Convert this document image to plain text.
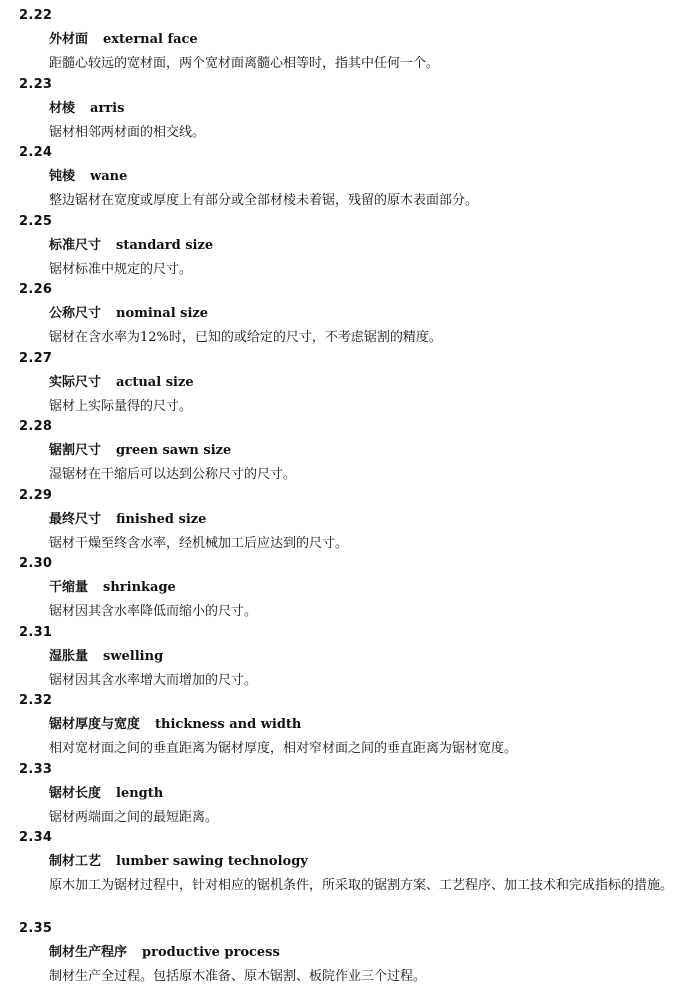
2.22
外材面 external face
距髓心较远的宽材面，两个宽材面离髓心相等时，指其中任何一个。
2.23
材棱 arris
锯材相邻两材面的相交线。
2.24
钝棱 wane
整边锯材在宽度或厚度上有部分或全部材棱未着锯，残留的原木表面部分。
2.25
标准尺寸 standard size
锯材标准中规定的尺寸。
2.26
公称尺寸 nominal size
锯材在含水率为12%时，已知的或给定的尺寸，不考虑锯割的精度。
2.27
实际尺寸 actual size
锯材上实际量得的尺寸。
2.28
锯割尺寸 green sawn size
湿锯材在干缩后可以达到公称尺寸的尺寸。
2.29
最终尺寸 finished size
锯材干燥至终含水率，经机械加工后应达到的尺寸。
2.30
干缩量 shrinkage
锯材因其含水率降低而缩小的尺寸。
2.31
湿胀量 swelling
锯材因其含水率增大而增加的尺寸。
2.32
锯材厚度与宽度 thickness and width
相对宽材面之间的垂直距离为锯材厚度，相对窄材面之间的垂直距离为锯材宽度。
2.33
锯材长度 length
锯材两端面之间的最短距离。
2.34
制材工艺 lumber sawing technology
原木加工为锯材过程中，针对相应的锯机条件，所采取的锯割方案、工艺程序、加工技术和完成指标的措施。
2.35
制材生产程序 productive process
制材生产全过程。包括原木准备、原木锯割、板院作业三个过程。
